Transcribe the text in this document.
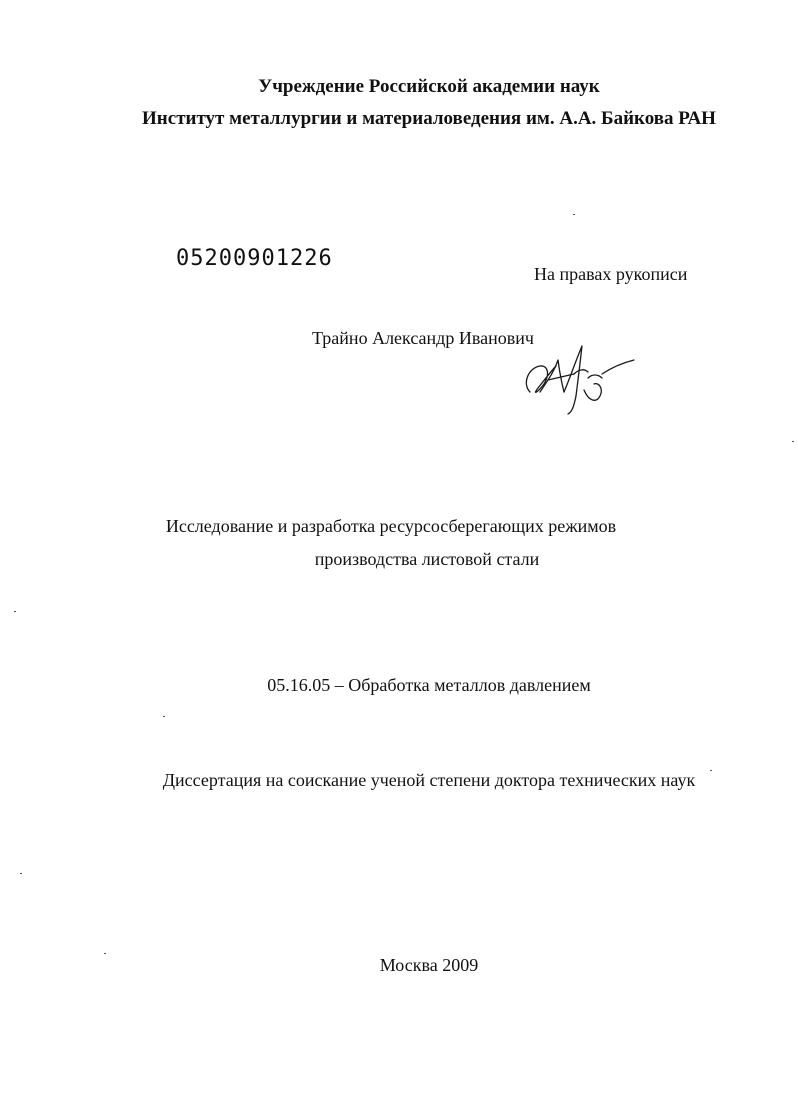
Учреждение Российской академии наук
Институт металлургии и материаловедения им. А.А. Байкова РАН
05200901226
На правах рукописи
Трайно Александр Иванович
Исследование и разработка ресурсосберегающих режимов
производства листовой стали
05.16.05 – Обработка металлов давлением
Диссертация на соискание ученой степени доктора технических наук
Москва 2009
